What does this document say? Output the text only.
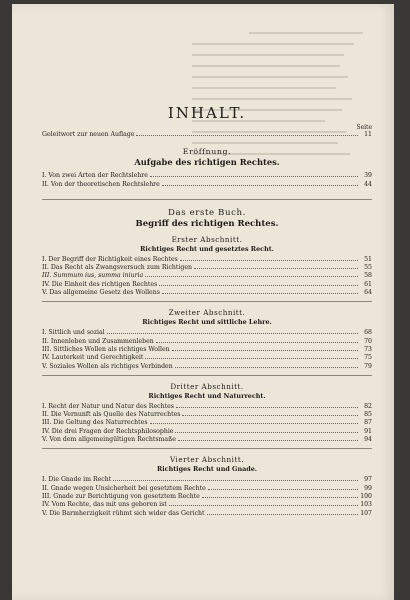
INHALT.
Seite
Geleitwort zur neuen Auflage	11
Eröffnung.
Aufgabe des richtigen Rechtes.
I. Von zwei Arten der Rechtslehre	39
II. Von der theoretischen Rechtslehre	44
Das erste Buch.
Begriff des richtigen Rechtes.
Erster Abschnitt.
Richtiges Recht und gesetztes Recht.
I. Der Begriff der Richtigkeit eines Rechtes	51
II. Das Recht als Zwangsversuch zum Richtigen	55
III. Summum ius, summa iniuria	58
IV. Die Einheit des richtigen Rechtes	61
V. Das allgemeine Gesetz des Wollens	64
Zweiter Abschnitt.
Richtiges Recht und sittliche Lehre.
I. Sittlich und sozial	68
II. Innenleben und Zusammenleben	70
III. Sittliches Wollen als richtiges Wollen	73
IV. Lauterkeit und Gerechtigkeit	75
V. Soziales Wollen als richtiges Verbinden	79
Dritter Abschnitt.
Richtiges Recht und Naturrecht.
I. Recht der Natur und Natur des Rechtes	82
II. Die Vernunft als Quelle des Naturrechtes	85
III. Die Geltung des Naturrechtes	87
IV. Die drei Fragen der Rechtsphilosophie	91
V. Von dem allgemeingültigen Rechtsmaße	94
Vierter Abschnitt.
Richtiges Recht und Gnade.
I. Die Gnade im Recht	97
II. Gnade wegen Unsicherheit bei gesetztem Rechte	99
III. Gnade zur Berichtigung von gesetztem Rechte	100
IV. Vom Rechte, das mit uns geboren ist	103
V. Die Barmherzigkeit rühmt sich wider das Gericht	107
